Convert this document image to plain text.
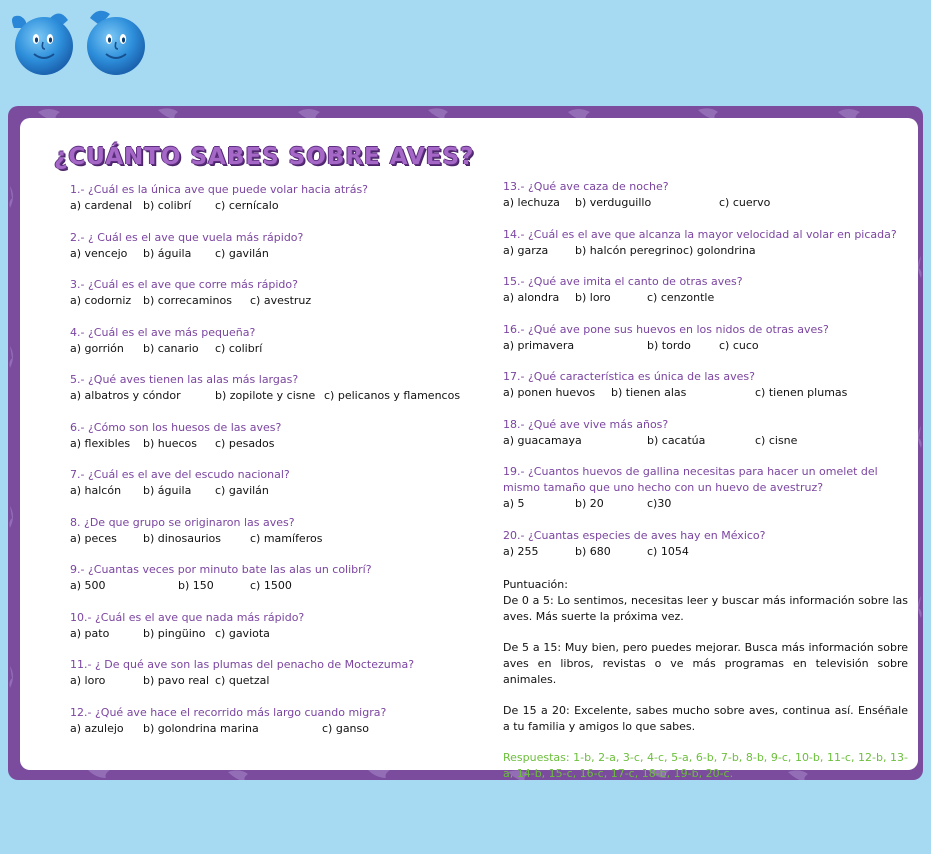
¿CUÁNTO SABES SOBRE AVES?
1.- ¿Cuál es la única ave que puede volar hacia atrás?
a) cardenal b) colibrí c) cernícalo
2.- ¿ Cuál es el ave que vuela más rápido?
a) vencejo b) águila c) gavilán
3.- ¿Cuál es el ave que corre más rápido?
a) codorniz b) correcaminos c) avestruz
4.- ¿Cuál es el ave más pequeña?
a) gorrión b) canario c) colibrí
5.- ¿Qué aves tienen las alas más largas?
a) albatros y cóndor	b) zopilote y cisne c) pelicanos y flamencos
6.- ¿Cómo son los huesos de las aves?
a) flexibles b) huecos c) pesados
7.- ¿Cuál es el ave del escudo nacional?
a) halcón b) águila c) gavilán
8. ¿De que grupo se originaron las aves?
a) peces b) dinosaurios	c) mamíferos
9.- ¿Cuantas veces por minuto bate las alas un colibrí?
a) 500	b) 150	c) 1500
10.- ¿Cuál es el ave que nada más rápido?
a) pato	b) pingüino c) gaviota
11.- ¿ De qué ave son las plumas del penacho de Moctezuma?
a) loro	b) pavo real c) quetzal
12.- ¿Qué ave hace el recorrido más largo cuando migra?
a) azulejo b) golondrina marina	c) ganso
13.- ¿Qué ave caza de noche?
a) lechuza b) verduguillo	c) cuervo
14.- ¿Cuál es el ave que alcanza la mayor velocidad al volar en picada?
a) garza b) halcón peregrino c) golondrina
15.- ¿Qué ave imita el canto de otras aves?
a) alondra b) loro	c) cenzontle
16.- ¿Qué ave pone sus huevos en los nidos de otras aves?
a) primavera	b) tordo	c) cuco
17.- ¿Qué característica es única de las aves?
a) ponen huevos b) tienen alas	c) tienen plumas
18.- ¿Qué ave vive más años?
a) guacamaya	b) cacatúa	c) cisne
19.- ¿Cuantos huevos de gallina necesitas para hacer un omelet del mismo tamaño que uno hecho con un huevo de avestruz?
a) 5	b) 20	c)30
20.- ¿Cuantas especies de aves hay en México?
a) 255	b) 680	c) 1054
Puntuación:
De 0 a 5: Lo sentimos, necesitas leer y buscar más información sobre las aves. Más suerte la próxima vez.
De 5 a 15: Muy bien, pero puedes mejorar. Busca más información sobre aves en libros, revistas o ve más programas en televisión sobre animales.
De 15 a 20: Excelente, sabes mucho sobre aves, continua así. Enséñale a tu familia y amigos lo que sabes.
Respuestas: 1-b, 2-a, 3-c, 4-c, 5-a, 6-b, 7-b, 8-b, 9-c, 10-b, 11-c, 12-b, 13-a, 14-b, 15-c, 16-c, 17-c, 18-b, 19-b, 20-c.
